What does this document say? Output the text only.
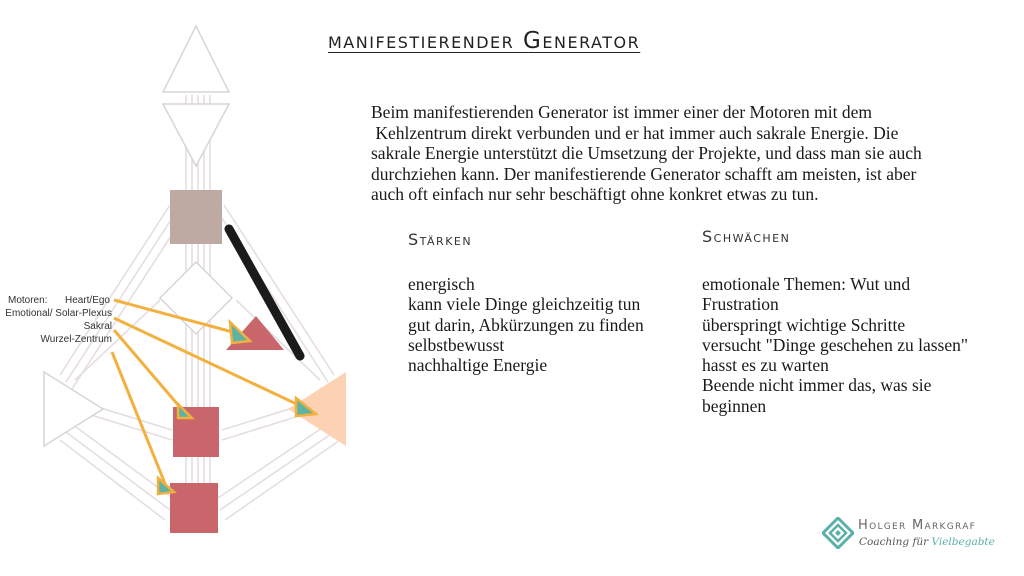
Motoren: Heart/Ego

Emotional/ Solar-Plexus
Sakral
Wurzel-Zentrum
manifestierender Generator

Beim manifestierenden Generator ist immer einer der Motoren mit dem

Kehlzentrum direkt verbunden und er hat immer auch sakrale Energie. Die

sakrale Energie unterstützt die Umsetzung der Projekte, und dass man sie auch

durchziehen kann. Der manifestierende Generator schafft am meisten, ist aber

auch oft einfach nur sehr beschäftigt ohne konkret etwas zu tun.

Stärken
energisch
kann viele Dinge gleichzeitig tun
gut darin, Abkürzungen zu finden
selbstbewusst
nachhaltige Energie
Schwächen
emotionale Themen: Wut und
Frustration
überspringt wichtige Schritte
versucht "Dinge geschehen zu lassen"
hasst es zu warten
Beende nicht immer das, was sie
beginnen
Holger Markgraf
Coaching für Vielbegabte
